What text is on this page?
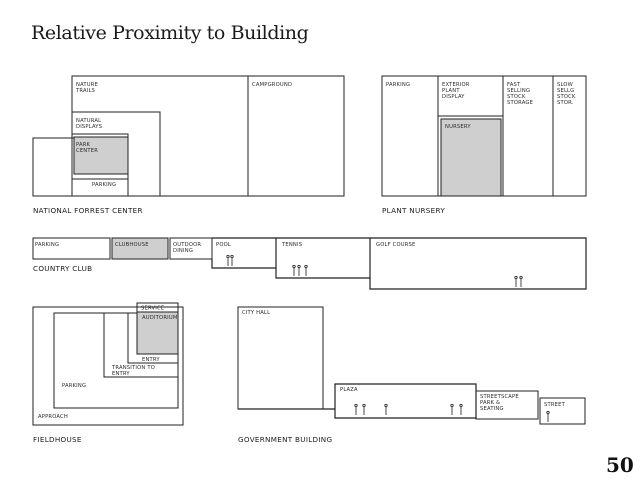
Relative Proximity to Building
50
NATURE TRAILS
CAMPGROUND
NATURAL DISPLAYS
PARK CENTER
PARKING
NATIONAL FORREST CENTER
PARKING	EXTERIOR PLANT DISPLAY
NURSERY
FAST SELLING STOCK STORAGE
SLOW SELLG STOCK STOR.
PLANT NURSERY
PARKING	CLUBHOUSE	OUTDOOR DINING
POOL	TENNIS	GOLF COURSE
COUNTRY CLUB
SERVICE
AUDITORIUM
ENTRY
TRANSITION TO ENTRY
PARKING
APPROACH
FIELDHOUSE
CITY HALL
PLAZA
STREETSCAPE PARK & SEATING
STREET
GOVERNMENT BUILDING
